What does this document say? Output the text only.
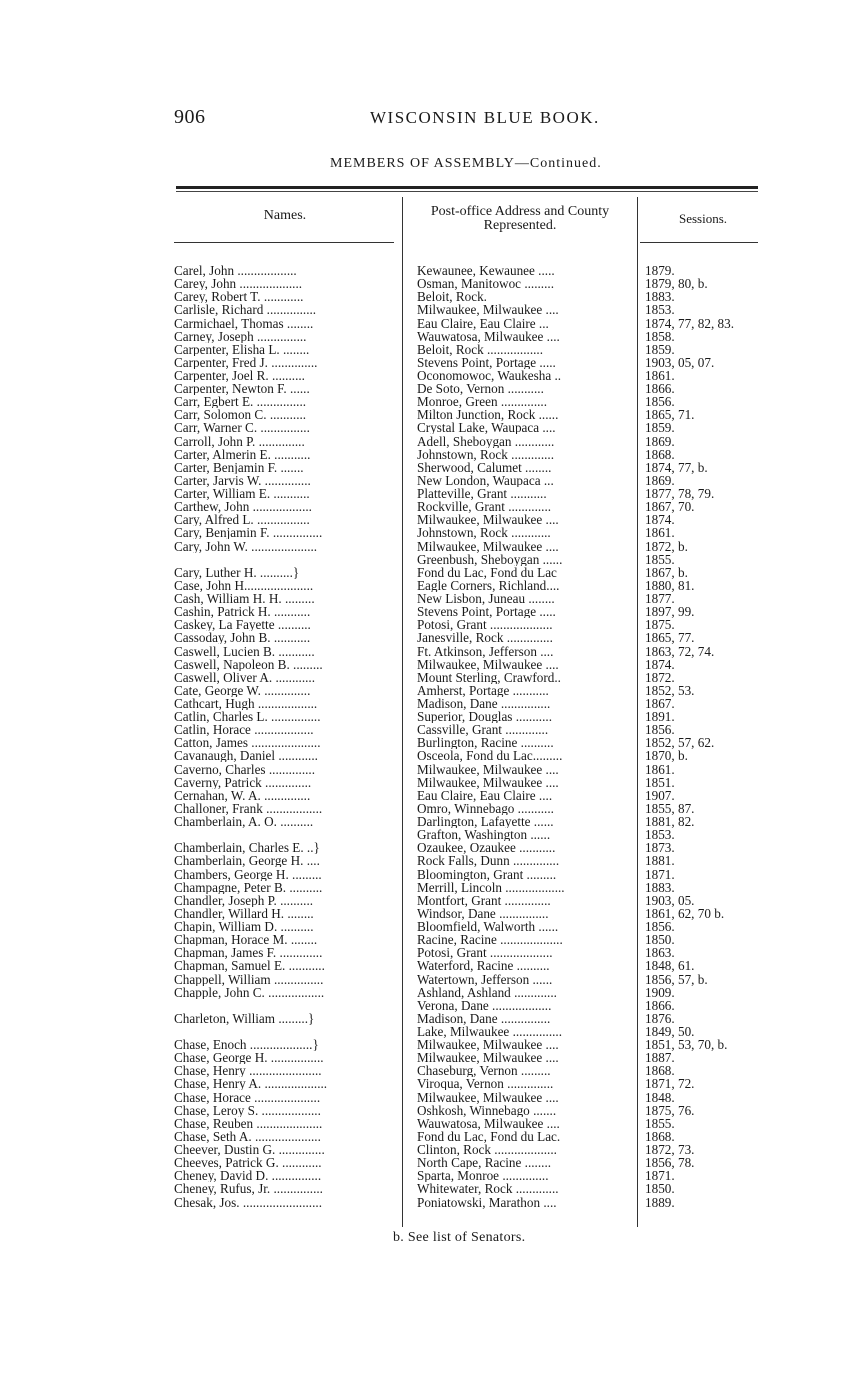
906	WISCONSIN BLUE BOOK.
MEMBERS OF ASSEMBLY—Continued.
Names.	Post-office Address and County Represented.	Sessions.
Carel, John ..................	Kewaunee, Kewaunee .....	1879.
Carey, John ...................	Osman, Manitowoc .........	1879, 80, b.
Carey, Robert T. ............	Beloit, Rock.	1883.
Carlisle, Richard ...............	Milwaukee, Milwaukee ....	1853.
Carmichael, Thomas ........	Eau Claire, Eau Claire ...	1874, 77, 82, 83.
Carney, Joseph ...............	Wauwatosa, Milwaukee ....	1858.
Carpenter, Elisha L. ........	Beloit, Rock .................	1859.
Carpenter, Fred J. ..............	Stevens Point, Portage .....	1903, 05, 07.
Carpenter, Joel R. ..........	Oconomowoc, Waukesha ..	1861.
Carpenter, Newton F. ......	De Soto, Vernon ...........	1866.
Carr, Egbert E. ...............	Monroe, Green ..............	1856.
Carr, Solomon C. ...........	Milton Junction, Rock ......	1865, 71.
Carr, Warner C. ...............	Crystal Lake, Waupaca ....	1859.
Carroll, John P. ..............	Adell, Sheboygan ............	1869.
Carter, Almerin E. ...........	Johnstown, Rock .............	1868.
Carter, Benjamin F. .......	Sherwood, Calumet ........	1874, 77, b.
Carter, Jarvis W. ..............	New London, Waupaca ...	1869.
Carter, William E. ...........	Platteville, Grant ...........	1877, 78, 79.
Carthew, John ..................	Rockville, Grant .............	1867, 70.
Cary, Alfred L. ................	Milwaukee, Milwaukee ....	1874.
Cary, Benjamin F. ...............	Johnstown, Rock ............	1861.
Cary, John W. ....................	Milwaukee, Milwaukee ....	1872, b.
Greenbush, Sheboygan ......	1855.
Cary, Luther H. ..........}	Fond du Lac, Fond du Lac	1867, b.
Case, John H.....................	Eagle Corners, Richland....	1880, 81.
Cash, William H. H. .........	New Lisbon, Juneau ........	1877.
Cashin, Patrick H. ...........	Stevens Point, Portage .....	1897, 99.
Caskey, La Fayette ..........	Potosi, Grant ...................	1875.
Cassoday, John B. ...........	Janesville, Rock ..............	1865, 77.
Caswell, Lucien B. ...........	Ft. Atkinson, Jefferson ....	1863, 72, 74.
Caswell, Napoleon B. .........	Milwaukee, Milwaukee ....	1874.
Caswell, Oliver A. ............	Mount Sterling, Crawford..	1872.
Cate, George W. ..............	Amherst, Portage ...........	1852, 53.
Cathcart, Hugh ..................	Madison, Dane ...............	1867.
Catlin, Charles L. ...............	Superior, Douglas ...........	1891.
Catlin, Horace ..................	Cassville, Grant .............	1856.
Catton, James .....................	Burlington, Racine ..........	1852, 57, 62.
Cavanaugh, Daniel ............	Osceola, Fond du Lac.........	1870, b.
Caverno, Charles ..............	Milwaukee, Milwaukee ....	1861.
Caverny, Patrick ..............	Milwaukee, Milwaukee ....	1851.
Cernahan, W. A. ..............	Eau Claire, Eau Claire ....	1907.
Challoner, Frank .................	Omro, Winnebago ...........	1855, 87.
Chamberlain, A. O. ..........	Darlington, Lafayette ......	1881, 82.
Grafton, Washington ......	1853.
Chamberlain, Charles E. ..}	Ozaukee, Ozaukee ...........	1873.
Chamberlain, George H. ....	Rock Falls, Dunn ..............	1881.
Chambers, George H. .........	Bloomington, Grant .........	1871.
Champagne, Peter B. ..........	Merrill, Lincoln ..................	1883.
Chandler, Joseph P. ..........	Montfort, Grant ..............	1903, 05.
Chandler, Willard H. ........	Windsor, Dane ...............	1861, 62, 70 b.
Chapin, William D. ..........	Bloomfield, Walworth ......	1856.
Chapman, Horace M. ........	Racine, Racine ...................	1850.
Chapman, James F. .............	Potosi, Grant ...................	1863.
Chapman, Samuel E. ...........	Waterford, Racine ..........	1848, 61.
Chappell, William ...............	Watertown, Jefferson ......	1856, 57, b.
Chapple, John C. .................	Ashland, Ashland .............	1909.
Verona, Dane ..................	1866.
Charleton, William .........}	Madison, Dane ...............	1876.
Lake, Milwaukee ...............	1849, 50.
Chase, Enoch ...................}	Milwaukee, Milwaukee ....	1851, 53, 70, b.
Chase, George H. ................	Milwaukee, Milwaukee ....	1887.
Chase, Henry ......................	Chaseburg, Vernon .........	1868.
Chase, Henry A. ...................	Viroqua, Vernon ..............	1871, 72.
Chase, Horace ....................	Milwaukee, Milwaukee ....	1848.
Chase, Leroy S. ..................	Oshkosh, Winnebago .......	1875, 76.
Chase, Reuben ....................	Wauwatosa, Milwaukee ....	1855.
Chase, Seth A. ....................	Fond du Lac, Fond du Lac.	1868.
Cheever, Dustin G. ..............	Clinton, Rock ...................	1872, 73.
Cheeves, Patrick G. ............	North Cape, Racine ........	1856, 78.
Cheney, David D. ...............	Sparta, Monroe ..............	1871.
Cheney, Rufus, Jr. ...............	Whitewater, Rock .............	1850.
Chesak, Jos. ........................	Poniatowski, Marathon ....	1889.
b. See list of Senators.
